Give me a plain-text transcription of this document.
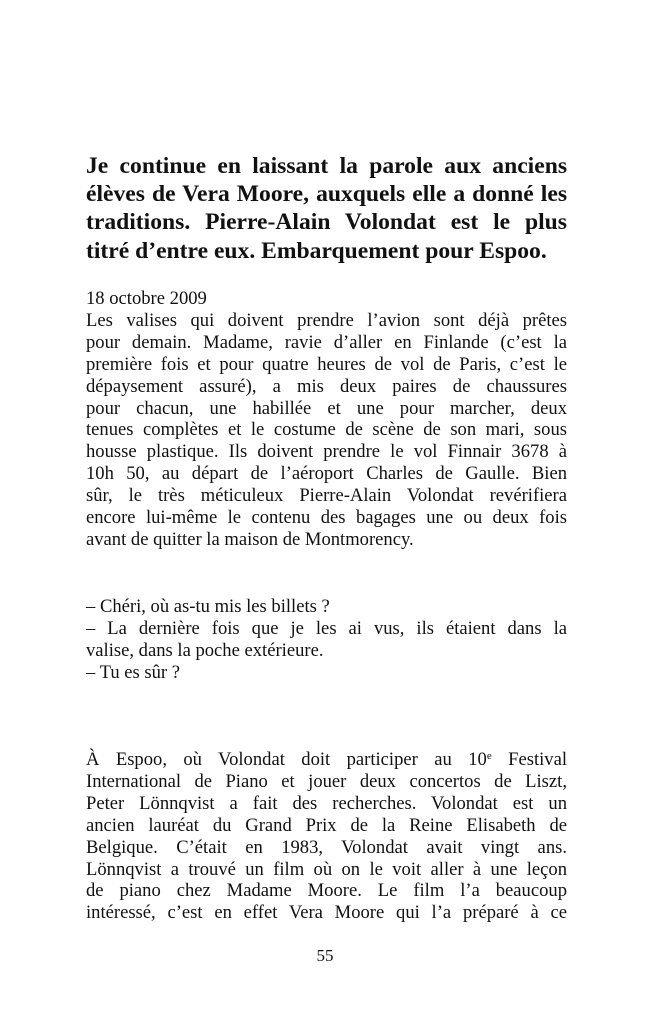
Je continue en laissant la parole aux anciens
élèves de Vera Moore, auxquels elle a donné les
traditions. Pierre-Alain Volondat est le plus
titré d’entre eux. Embarquement pour Espoo.
18 octobre 2009
Les valises qui doivent prendre l’avion sont déjà prêtes
pour demain. Madame, ravie d’aller en Finlande (c’est la
première fois et pour quatre heures de vol de Paris, c’est le
dépaysement assuré), a mis deux paires de chaussures
pour chacun, une habillée et une pour marcher, deux
tenues complètes et le costume de scène de son mari, sous
housse plastique. Ils doivent prendre le vol Finnair 3678 à
10h 50, au départ de l’aéroport Charles de Gaulle. Bien
sûr, le très méticuleux Pierre-Alain Volondat revérifiera
encore lui-même le contenu des bagages une ou deux fois
avant de quitter la maison de Montmorency.
– Chéri, où as-tu mis les billets ?
– La dernière fois que je les ai vus, ils étaient dans la
valise, dans la poche extérieure.
– Tu es sûr ?
À Espoo, où Volondat doit participer au 10e Festival
International de Piano et jouer deux concertos de Liszt,
Peter Lönnqvist a fait des recherches. Volondat est un
ancien lauréat du Grand Prix de la Reine Elisabeth de
Belgique. C’était en 1983, Volondat avait vingt ans.
Lönnqvist a trouvé un film où on le voit aller à une leçon
de piano chez Madame Moore. Le film l’a beaucoup
intéressé, c’est en effet Vera Moore qui l’a préparé à ce
55
